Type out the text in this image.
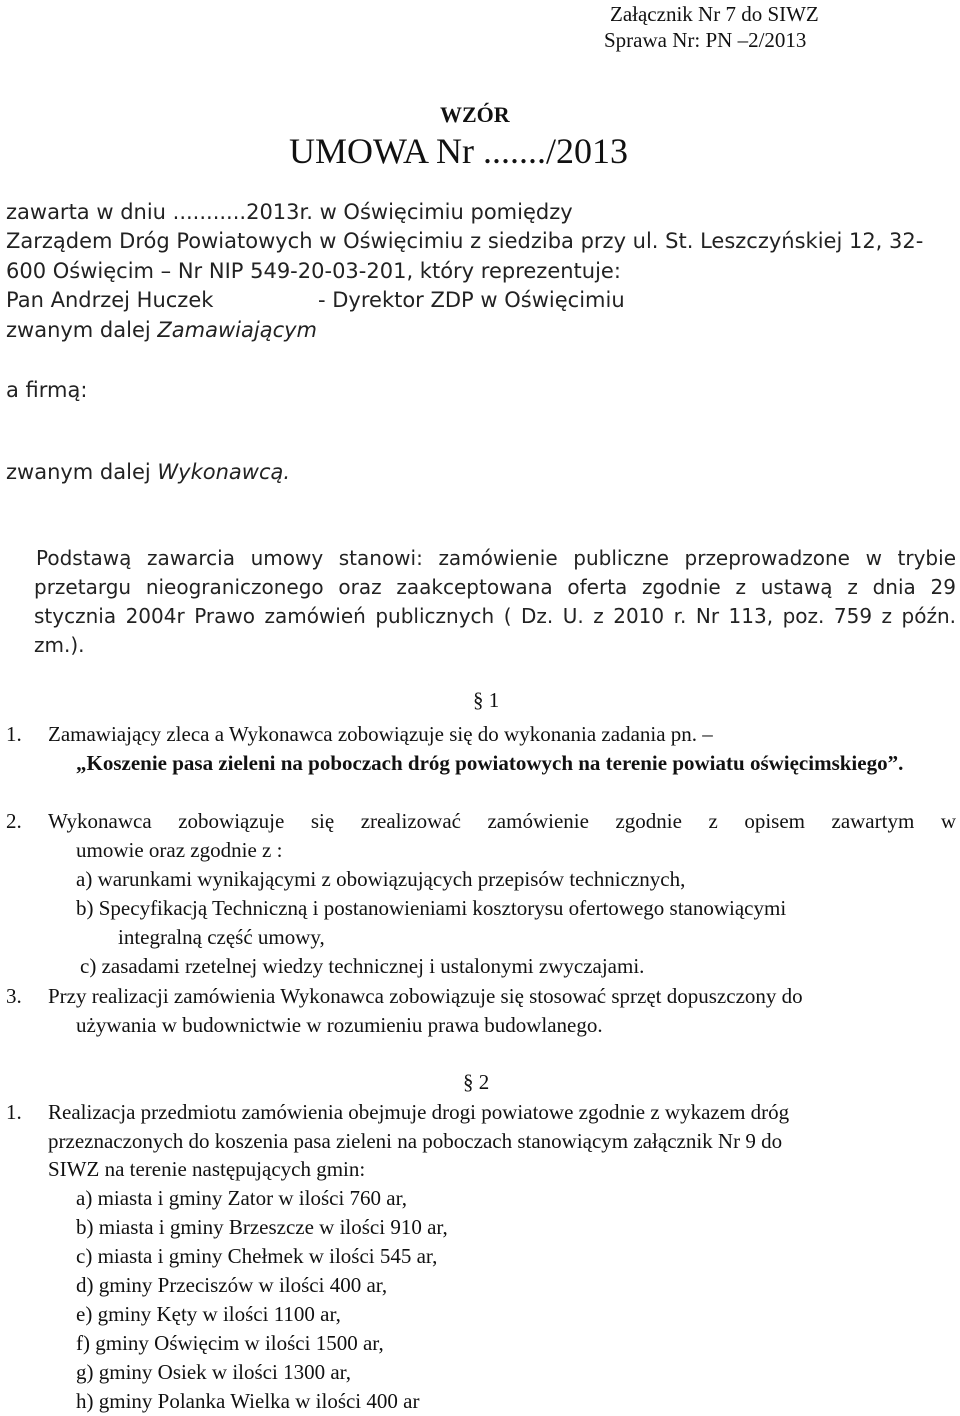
Załącznik Nr 7 do SIWZ
Sprawa Nr: PN –2/2013
WZÓR
UMOWA Nr ......./2013
zawarta w dniu ...........2013r. w Oświęcimiu pomiędzy
Zarządem Dróg Powiatowych w Oświęcimiu z siedziba przy ul. St. Leszczyńskiej 12, 32-
600 Oświęcim – Nr NIP 549-20-03-201, który reprezentuje:
Pan Andrzej Huczek	- Dyrektor ZDP w Oświęcimiu
zwanym dalej Zamawiającym
a firmą:
zwanym dalej Wykonawcą.
Podstawą zawarcia umowy stanowi: zamówienie publiczne przeprowadzone w trybie przetargu nieograniczonego oraz zaakceptowana oferta zgodnie z ustawą z dnia 29 stycznia 2004r Prawo zamówień publicznych ( Dz. U. z 2010 r. Nr 113, poz. 759 z późn. zm.).
§ 1
1. Zamawiający zleca a Wykonawca zobowiązuje się do wykonania zadania pn. –
„Koszenie pasa zieleni na poboczach dróg powiatowych na terenie powiatu oświęcimskiego”.
2. Wykonawca zobowiązuje się zrealizować zamówienie zgodnie z opisem zawartym w
umowie oraz zgodnie z :
a) warunkami wynikającymi z obowiązujących przepisów technicznych,
b) Specyfikacją Techniczną i postanowieniami kosztorysu ofertowego stanowiącymi
integralną część umowy,
c) zasadami rzetelnej wiedzy technicznej i ustalonymi zwyczajami.
3. Przy realizacji zamówienia Wykonawca zobowiązuje się stosować sprzęt dopuszczony do
używania w budownictwie w rozumieniu prawa budowlanego.
§ 2
1. Realizacja przedmiotu zamówienia obejmuje drogi powiatowe zgodnie z wykazem dróg
przeznaczonych do koszenia pasa zieleni na poboczach stanowiącym załącznik Nr 9 do
SIWZ na terenie następujących gmin:
a) miasta i gminy Zator w ilości 760 ar,
b) miasta i gminy Brzeszcze w ilości 910 ar,
c) miasta i gminy Chełmek w ilości 545 ar,
d) gminy Przeciszów w ilości 400 ar,
e) gminy Kęty w ilości 1100 ar,
f) gminy Oświęcim w ilości 1500 ar,
g) gminy Osiek w ilości 1300 ar,
h) gminy Polanka Wielka w ilości 400 ar
